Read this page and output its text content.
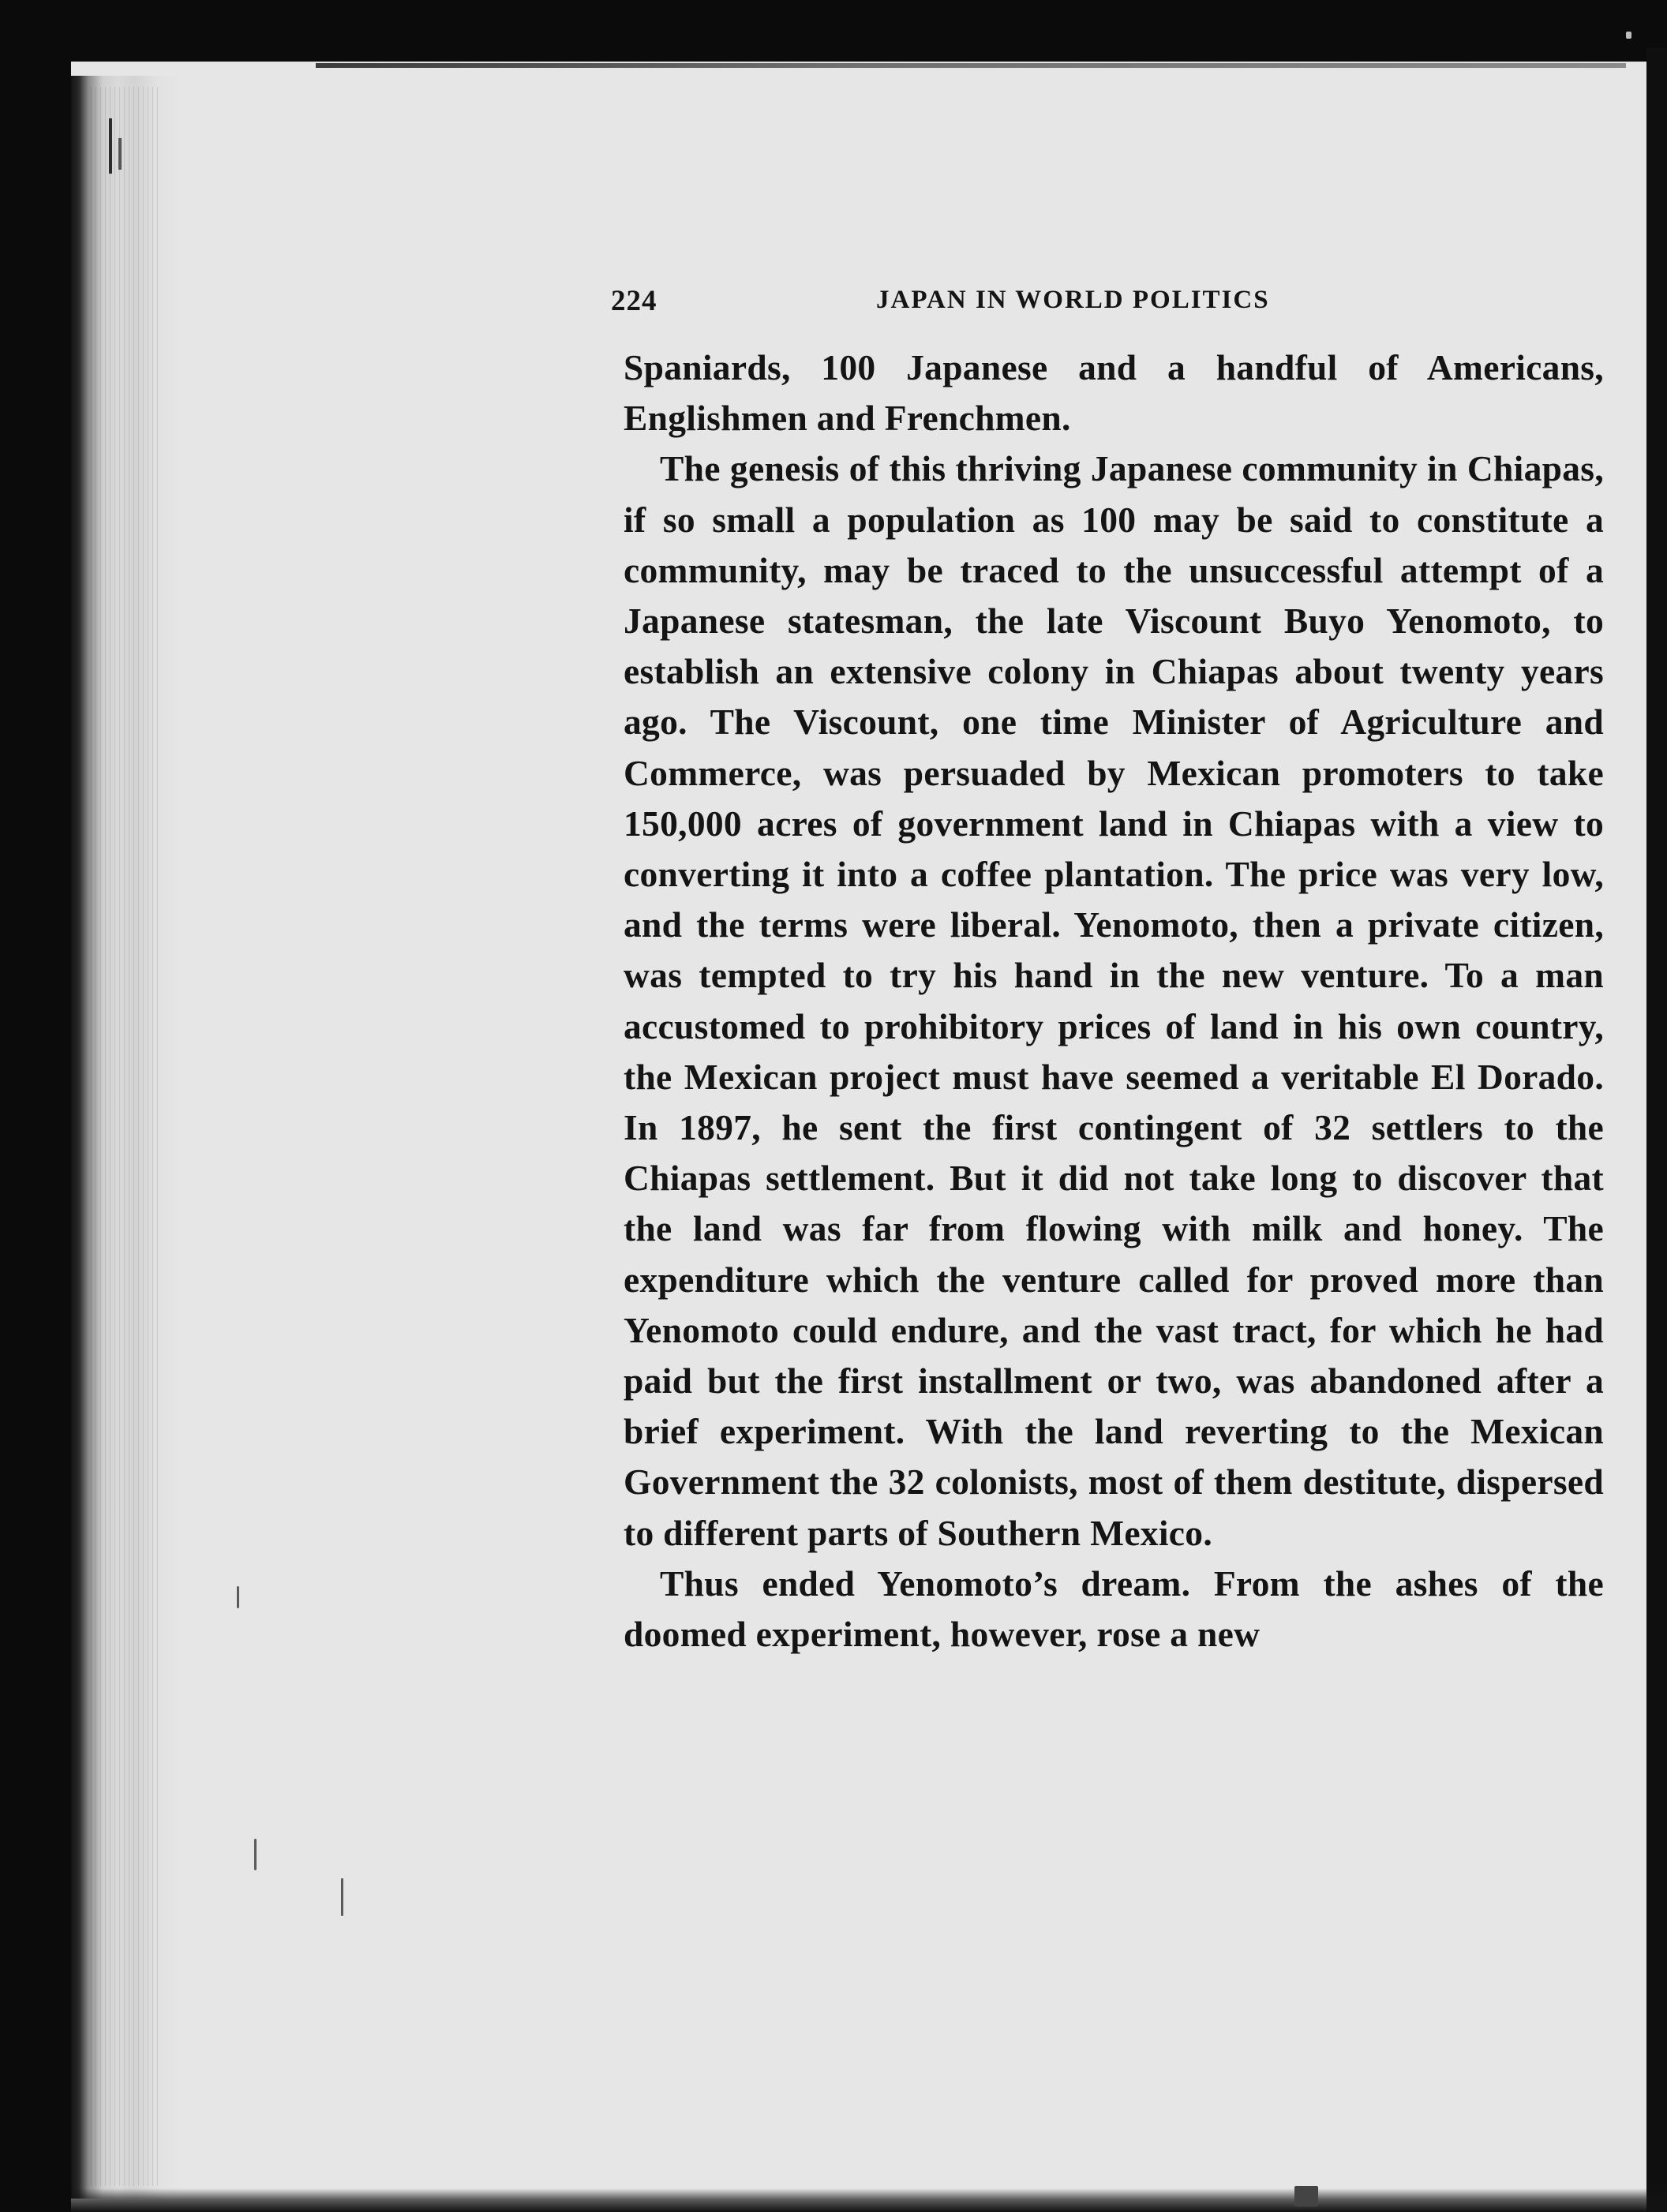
224	JAPAN IN WORLD POLITICS

Spaniards, 100 Japanese and a handful of Americans, Englishmen and Frenchmen.

The genesis of this thriving Japanese community in Chiapas, if so small a population as 100 may be said to constitute a community, may be traced to the unsuccessful attempt of a Japanese statesman, the late Viscount Buyo Yenomoto, to establish an extensive colony in Chiapas about twenty years ago. The Viscount, one time Minister of Agriculture and Commerce, was persuaded by Mexican promoters to take 150,000 acres of government land in Chiapas with a view to converting it into a coffee plantation. The price was very low, and the terms were liberal. Yenomoto, then a private citizen, was tempted to try his hand in the new venture. To a man accustomed to prohibitory prices of land in his own country, the Mexican project must have seemed a veritable El Dorado. In 1897, he sent the first contingent of 32 settlers to the Chiapas settlement. But it did not take long to discover that the land was far from flowing with milk and honey. The expenditure which the venture called for proved more than Yenomoto could endure, and the vast tract, for which he had paid but the first installment or two, was abandoned after a brief experiment. With the land reverting to the Mexican Government the 32 colonists, most of them destitute, dispersed to different parts of Southern Mexico.

Thus ended Yenomoto’s dream. From the ashes of the doomed experiment, however, rose a new
